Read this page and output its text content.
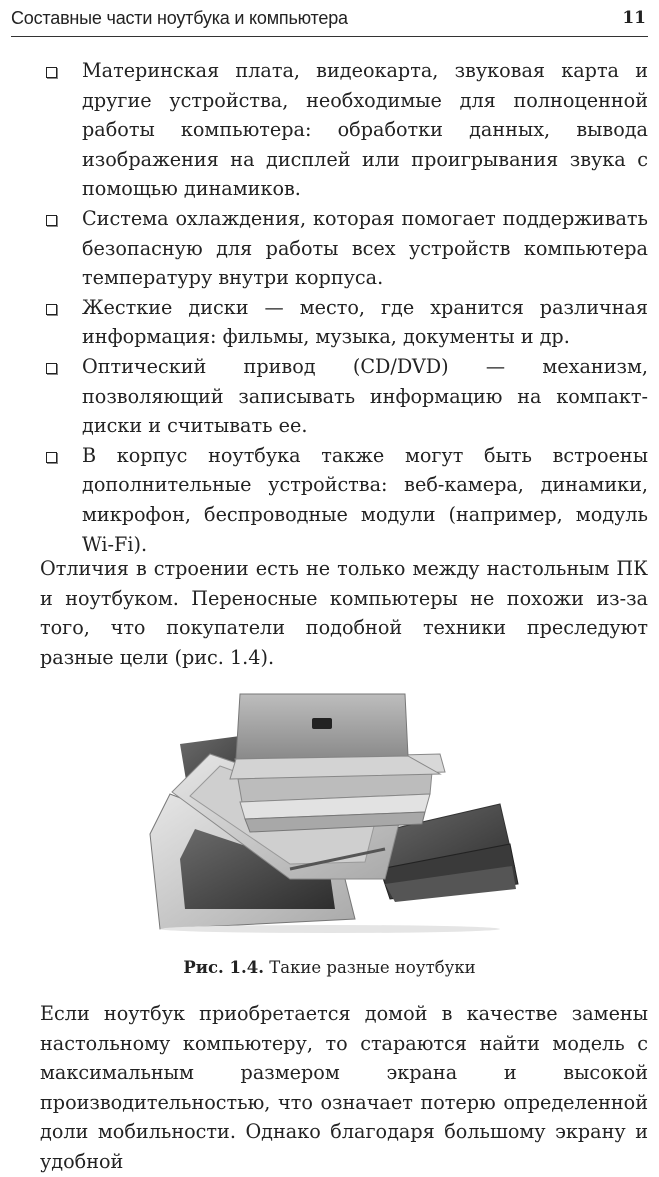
Составные части ноутбука и компьютера	11
Материнская плата, видеокарта, звуковая карта и другие устройства, необходимые для полноценной работы компьютера: обработки данных, вывода изображения на дисплей или проигрывания звука с помощью динамиков.
Система охлаждения, которая помогает поддерживать безопасную для работы всех устройств компьютера температуру внутри корпуса.
Жесткие диски — место, где хранится различная информация: фильмы, музыка, документы и др.
Оптический привод (CD/DVD) — механизм, позволяющий записывать информацию на компакт-диски и считывать ее.
В корпус ноутбука также могут быть встроены дополнительные устройства: веб-камера, динамики, микрофон, беспроводные модули (например, модуль Wi-Fi).

Отличия в строении есть не только между настольным ПК и ноутбуком. Переносные компьютеры не похожи из-за того, что покупатели подобной техники преследуют разные цели (рис. 1.4).

Рис. 1.4. Такие разные ноутбуки

Если ноутбук приобретается домой в качестве замены настольному компьютеру, то стараются найти модель с максимальным размером экрана и высокой производительностью, что означает потерю определенной доли мобильности. Однако благодаря большому экрану и удобной
